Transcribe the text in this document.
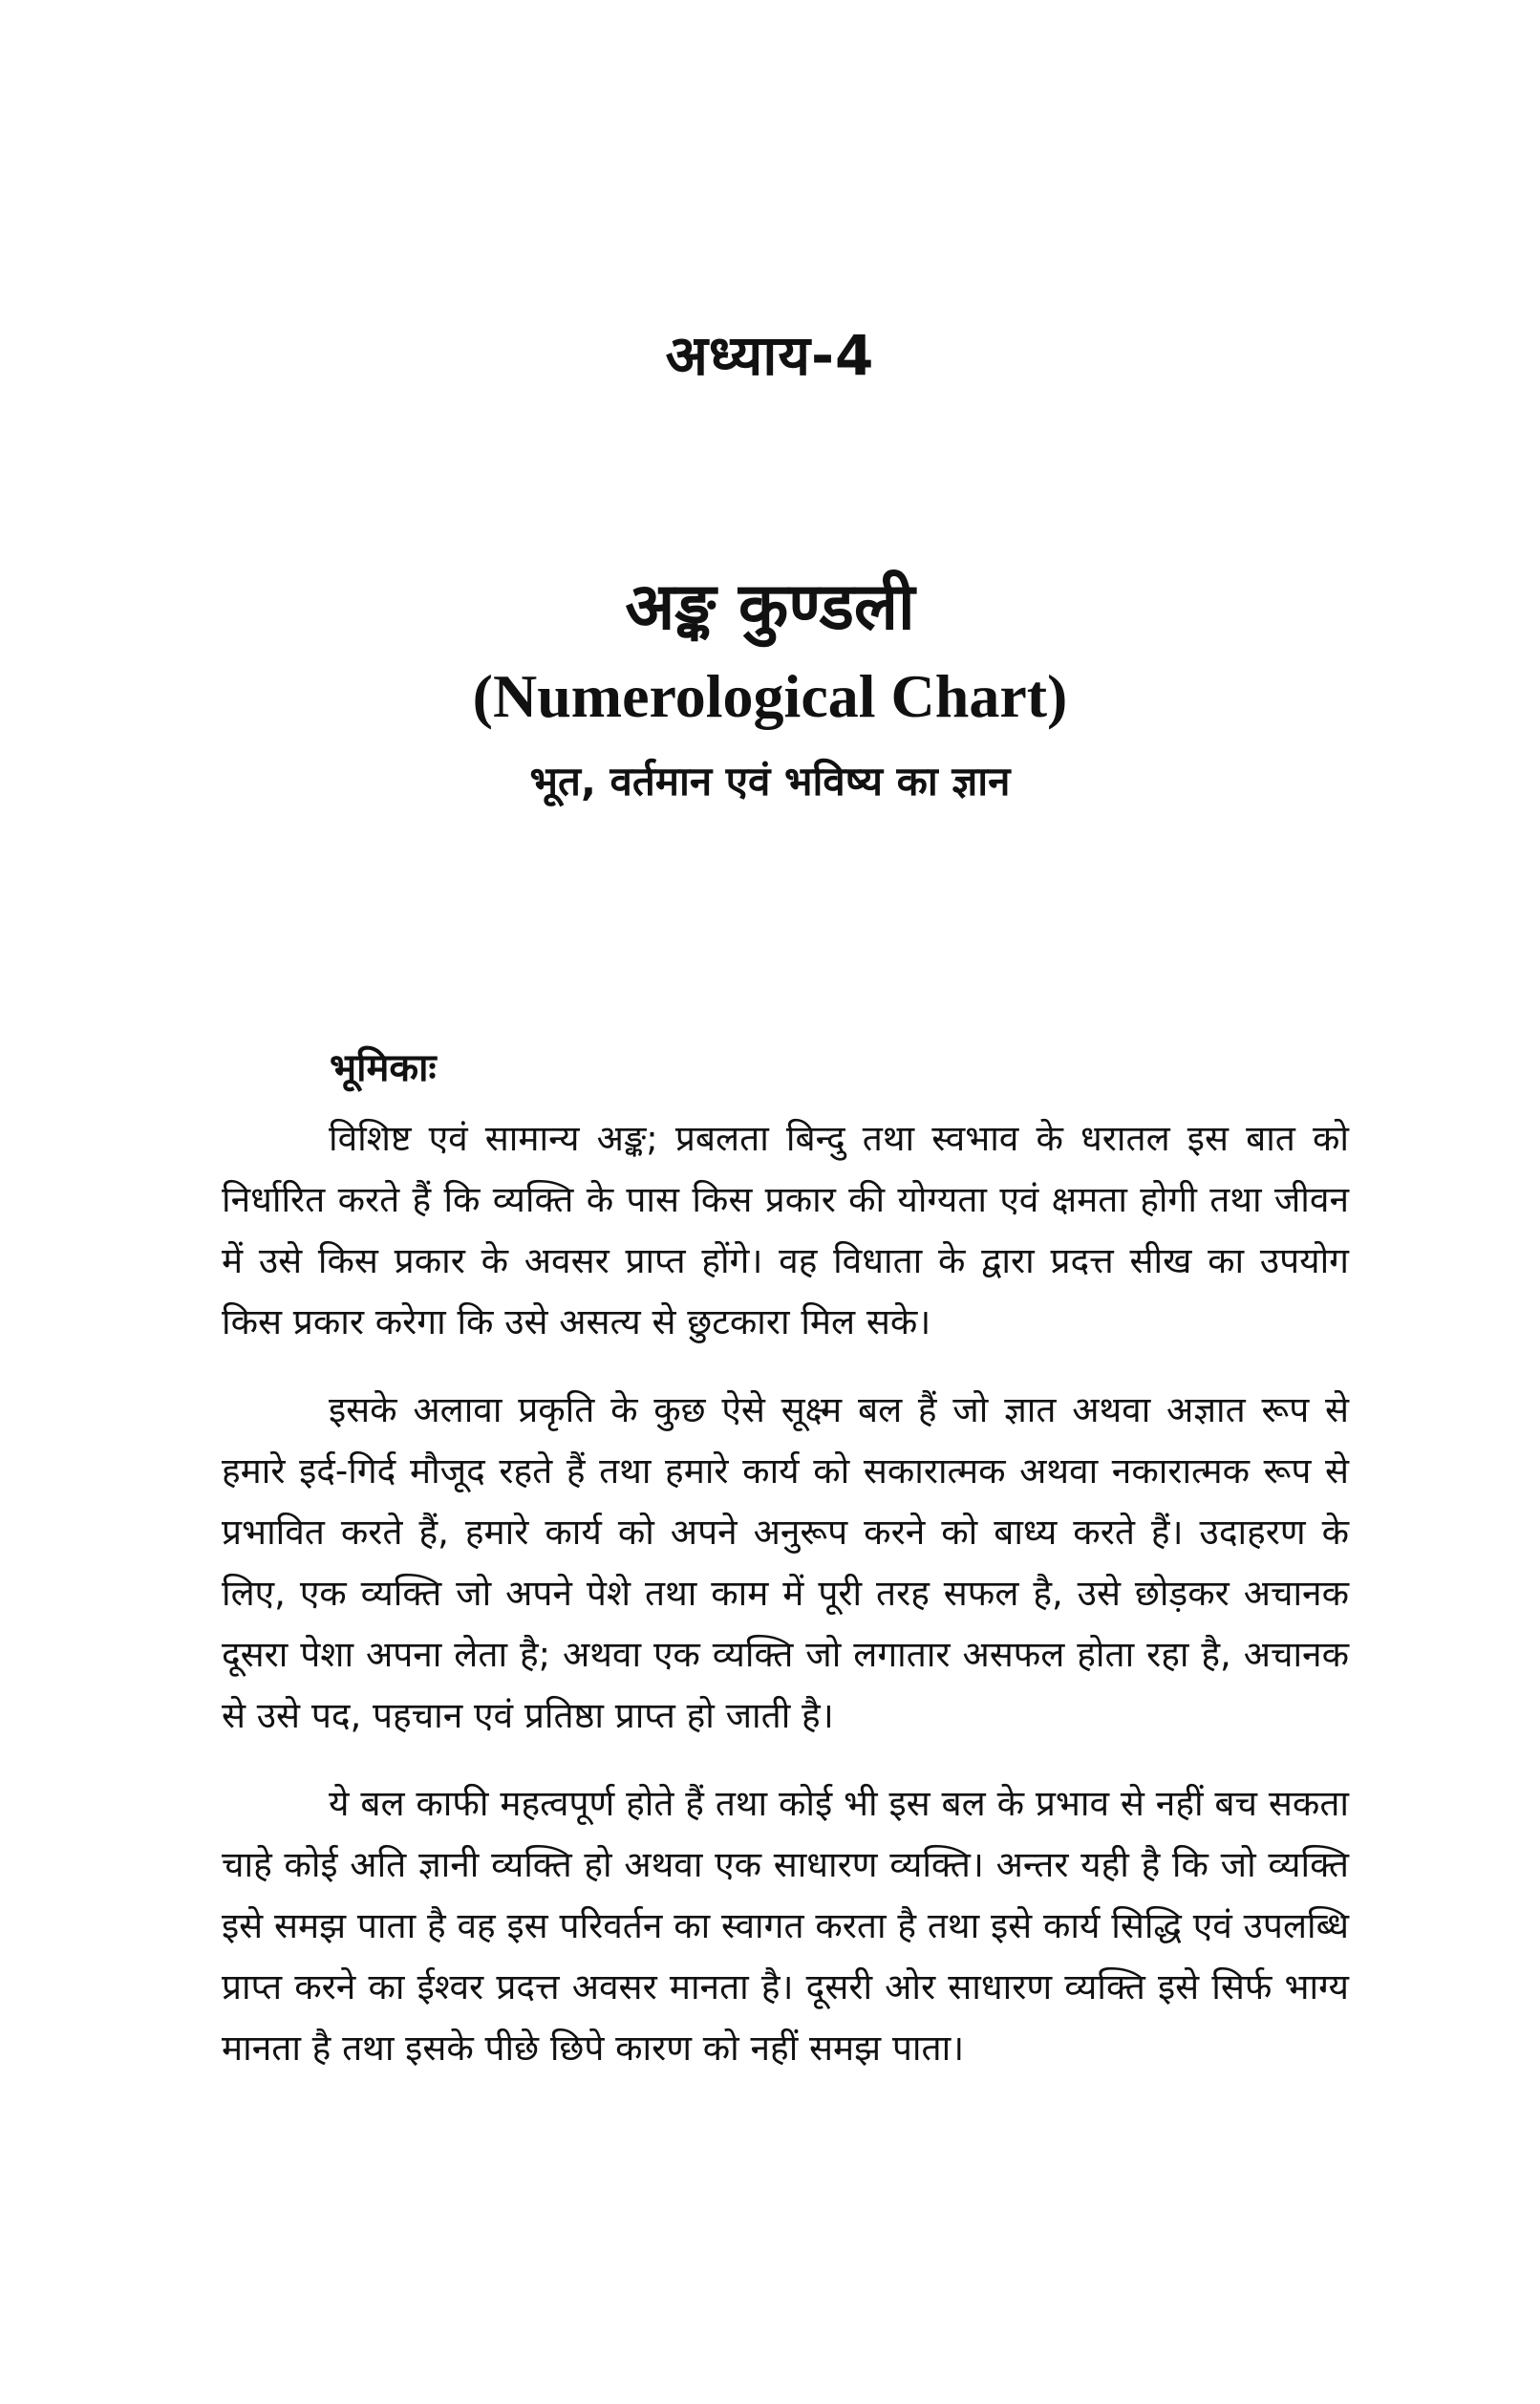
अध्याय-4
अङ्क कुण्डली
(Numerological Chart)
भूत, वर्तमान एवं भविष्य का ज्ञान
भूमिकाः

विशिष्ट एवं सामान्य अङ्क; प्रबलता बिन्दु तथा स्वभाव के धरातल इस बात को निर्धारित करते हैं कि व्यक्ति के पास किस प्रकार की योग्यता एवं क्षमता होगी तथा जीवन में उसे किस प्रकार के अवसर प्राप्त होंगे। वह विधाता के द्वारा प्रदत्त सीख का उपयोग किस प्रकार करेगा कि उसे असत्य से छुटकारा मिल सके।

इसके अलावा प्रकृति के कुछ ऐसे सूक्ष्म बल हैं जो ज्ञात अथवा अज्ञात रूप से हमारे इर्द-गिर्द मौजूद रहते हैं तथा हमारे कार्य को सकारात्मक अथवा नकारात्मक रूप से प्रभावित करते हैं, हमारे कार्य को अपने अनुरूप करने को बाध्य करते हैं। उदाहरण के लिए, एक व्यक्ति जो अपने पेशे तथा काम में पूरी तरह सफल है, उसे छोड़कर अचानक दूसरा पेशा अपना लेता है; अथवा एक व्यक्ति जो लगातार असफल होता रहा है, अचानक से उसे पद, पहचान एवं प्रतिष्ठा प्राप्त हो जाती है।

ये बल काफी महत्वपूर्ण होते हैं तथा कोई भी इस बल के प्रभाव से नहीं बच सकता चाहे कोई अति ज्ञानी व्यक्ति हो अथवा एक साधारण व्यक्ति। अन्तर यही है कि जो व्यक्ति इसे समझ पाता है वह इस परिवर्तन का स्वागत करता है तथा इसे कार्य सिद्धि एवं उपलब्धि प्राप्त करने का ईश्वर प्रदत्त अवसर मानता है। दूसरी ओर साधारण व्यक्ति इसे सिर्फ भाग्य मानता है तथा इसके पीछे छिपे कारण को नहीं समझ पाता।
